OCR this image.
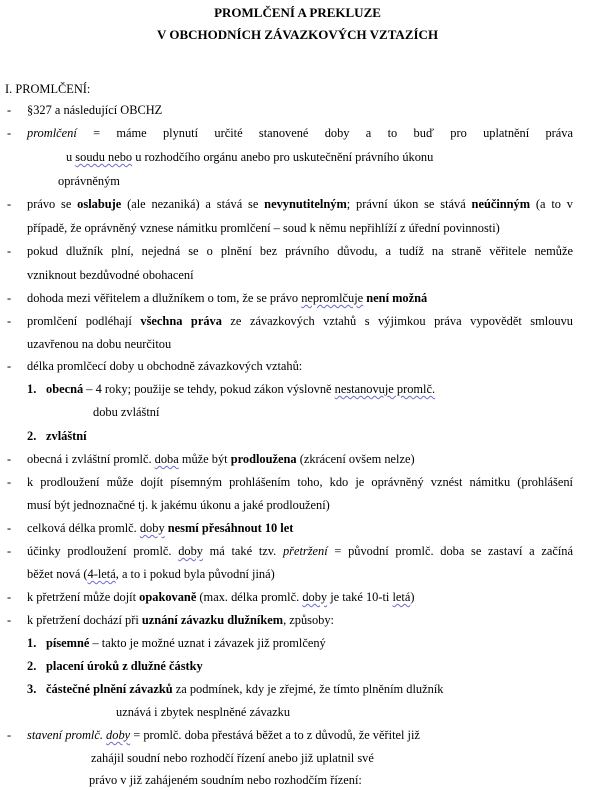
PROMLČENÍ A PREKLUZE
V OBCHODNÍCH ZÁVAZKOVÝCH VZTAZÍCH
I. PROMLČENÍ:
- §327 a následující OBCHZ
- promlčení = máme plynutí určité stanovené doby a to buď pro uplatnění práva
u soudu nebo u rozhodčího orgánu anebo pro uskutečnění právního úkonu
oprávněným
- právo se oslabuje (ale nezaniká) a stává se nevynutitelným; právní úkon se stává neúčinným (a to v
případě, že oprávněný vznese námitku promlčení – soud k němu nepřihlíží z úřední povinnosti)
- pokud dlužník plní, nejedná se o plnění bez právního důvodu, a tudíž na straně věřitele nemůže
vzniknout bezdůvodné obohacení
- dohoda mezi věřitelem a dlužníkem o tom, že se právo nepromlčuje není možná
- promlčení podléhají všechna práva ze závazkových vztahů s výjimkou práva vypovědět smlouvu
uzavřenou na dobu neurčitou
- délka promlčecí doby u obchodně závazkových vztahů:
1. obecná – 4 roky; použije se tehdy, pokud zákon výslovně nestanovuje promlč.
dobu zvláštní
2. zvláštní
- obecná i zvláštní promlč. doba může být prodloužena (zkrácení ovšem nelze)
- k prodloužení může dojít písemným prohlášením toho, kdo je oprávněný vznést námitku (prohlášení
musí být jednoznačné tj. k jakému úkonu a jaké prodloužení)
- celková délka promlč. doby nesmí přesáhnout 10 let
- účinky prodloužení promlč. doby má také tzv. přetržení = původní promlč. doba se zastaví a začíná
běžet nová (4-letá, a to i pokud byla původní jiná)
- k přetržení může dojít opakovaně (max. délka promlč. doby je také 10-ti letá)
- k přetržení dochází při uznání závazku dlužníkem, způsoby:
1. písemné – takto je možné uznat i závazek již promlčený
2. placení úroků z dlužné částky
3. částečné plnění závazků za podmínek, kdy je zřejmé, že tímto plněním dlužník
uznává i zbytek nesplněné závazku
- stavení promlč. doby = promlč. doba přestává běžet a to z důvodů, že věřitel již
zahájil soudní nebo rozhodčí řízení anebo již uplatnil své
právo v již zahájeném soudním nebo rozhodčím řízení:
